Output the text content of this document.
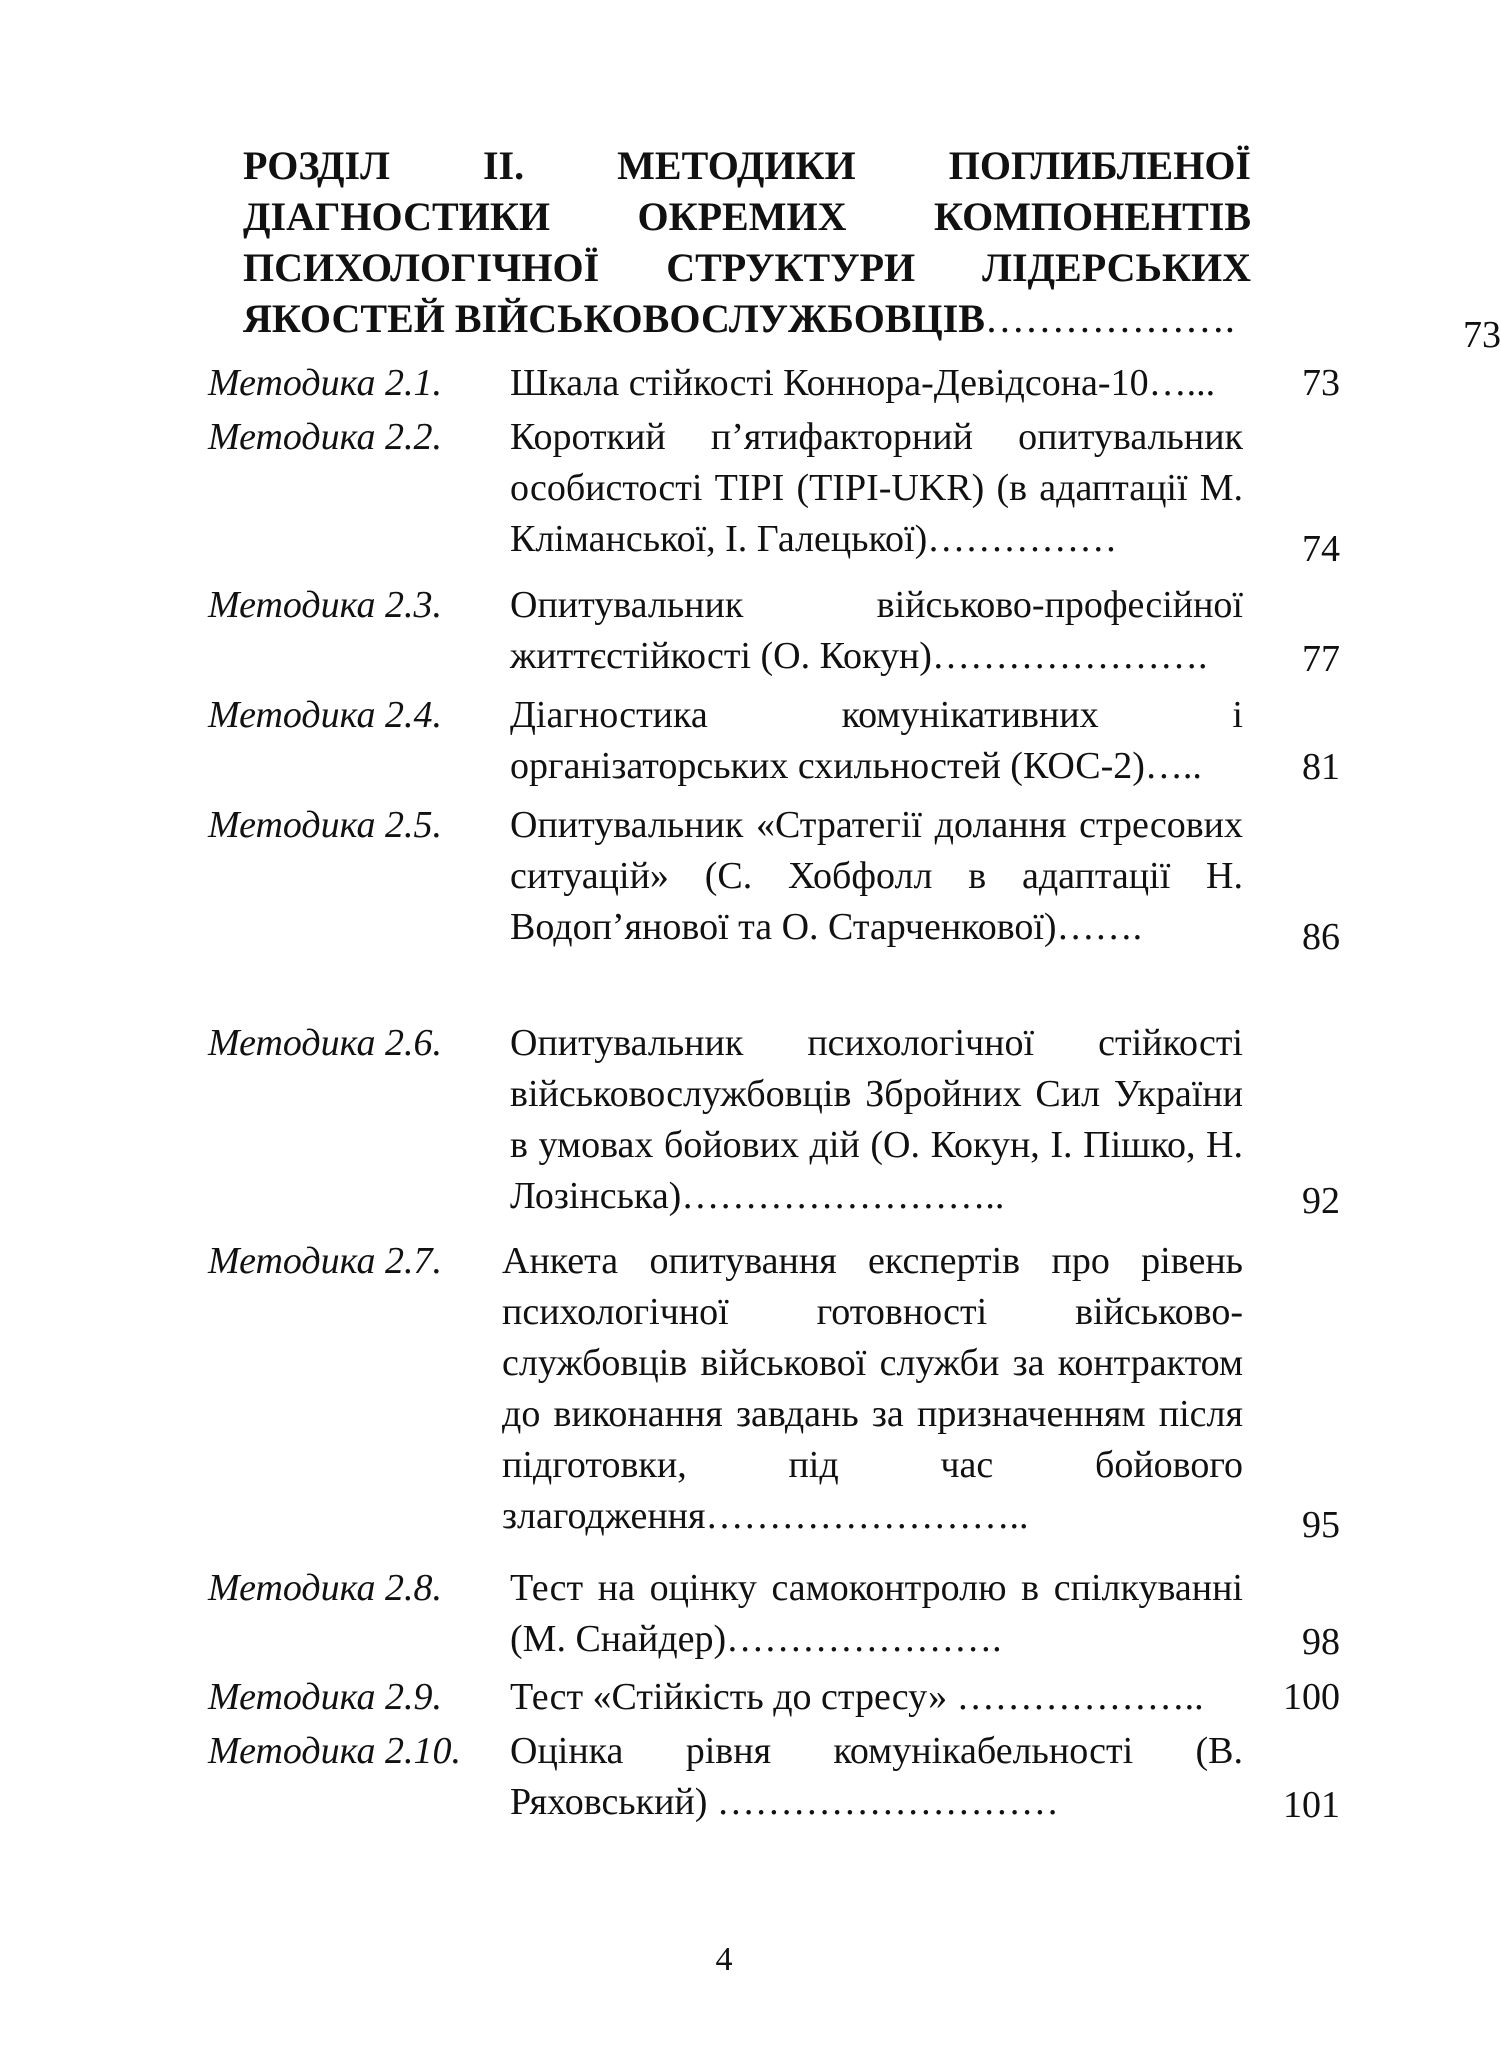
РОЗДІЛ II. МЕТОДИКИ ПОГЛИБЛЕНОЇ ДІАГНОСТИКИ ОКРЕМИХ КОМПОНЕНТІВ ПСИХОЛОГІЧНОЇ СТРУКТУРИ ЛІДЕРСЬКИХ ЯКОСТЕЙ ВІЙСЬКОВОСЛУЖБОВЦІВ……………….	73
Методика 2.1. Шкала стійкості Коннора-Девідсона-10…...	73
Методика 2.2. Короткий п’ятифакторний опитувальник особистості TIPI (TIPI-UKR) (в адаптації М. Кліманської, І. Галецької)……………	74
Методика 2.3. Опитувальник військово-професійної життєстійкості (О. Кокун)………………….	77
Методика 2.4. Діагностика комунікативних і організаторських схильностей (КОС-2)…..	81
Методика 2.5. Опитувальник «Стратегії долання стресових ситуацій» (С. Хобфолл в адаптації Н. Водоп’янової та О. Старченкової)…….	86
Методика 2.6. Опитувальник психологічної стійкості військовослужбовців Збройних Сил України в умовах бойових дій (О. Кокун, І. Пішко, Н. Лозінська)……………………..	92
Методика 2.7. Анкета опитування експертів про рівень психологічної готовності військово-службовців військової служби за контрактом до виконання завдань за призначенням після підготовки, під час бойового злагодження……………………..	95
Методика 2.8. Тест на оцінку самоконтролю в спілкуванні (М. Снайдер)………………….	98
Методика 2.9. Тест «Стійкість до стресу» ………………..	100
Методика 2.10. Оцінка рівня комунікабельності (В. Ряховський) ………………………	101
4
